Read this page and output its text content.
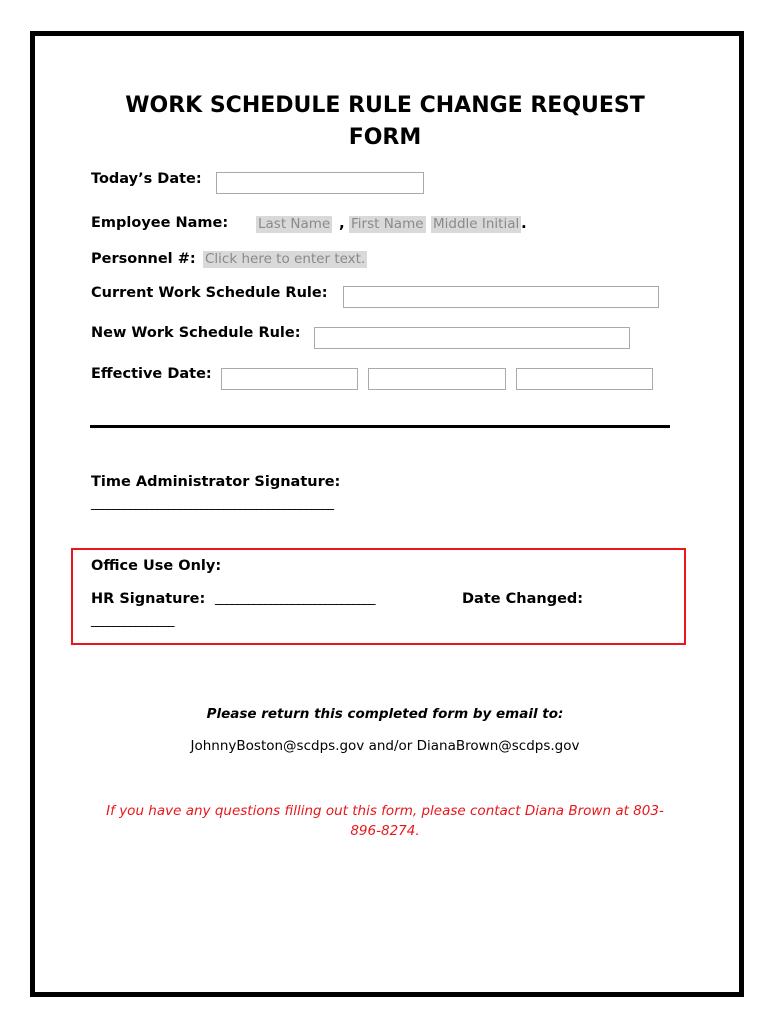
WORK SCHEDULE RULE CHANGE REQUEST
FORM
Today’s Date:
Employee Name: Last Name , First Name Middle Initial .
Personnel #: Click here to enter text.
Current Work Schedule Rule:
New Work Schedule Rule:
Effective Date:
Time Administrator Signature:
____________________________________________
Office Use Only:
HR Signature: _____________________________	Date Changed:
_______________
Please return this completed form by email to:
JohnnyBoston@scdps.gov and/or DianaBrown@scdps.gov
If you have any questions filling out this form, please contact Diana Brown at 803-
896-8274.
